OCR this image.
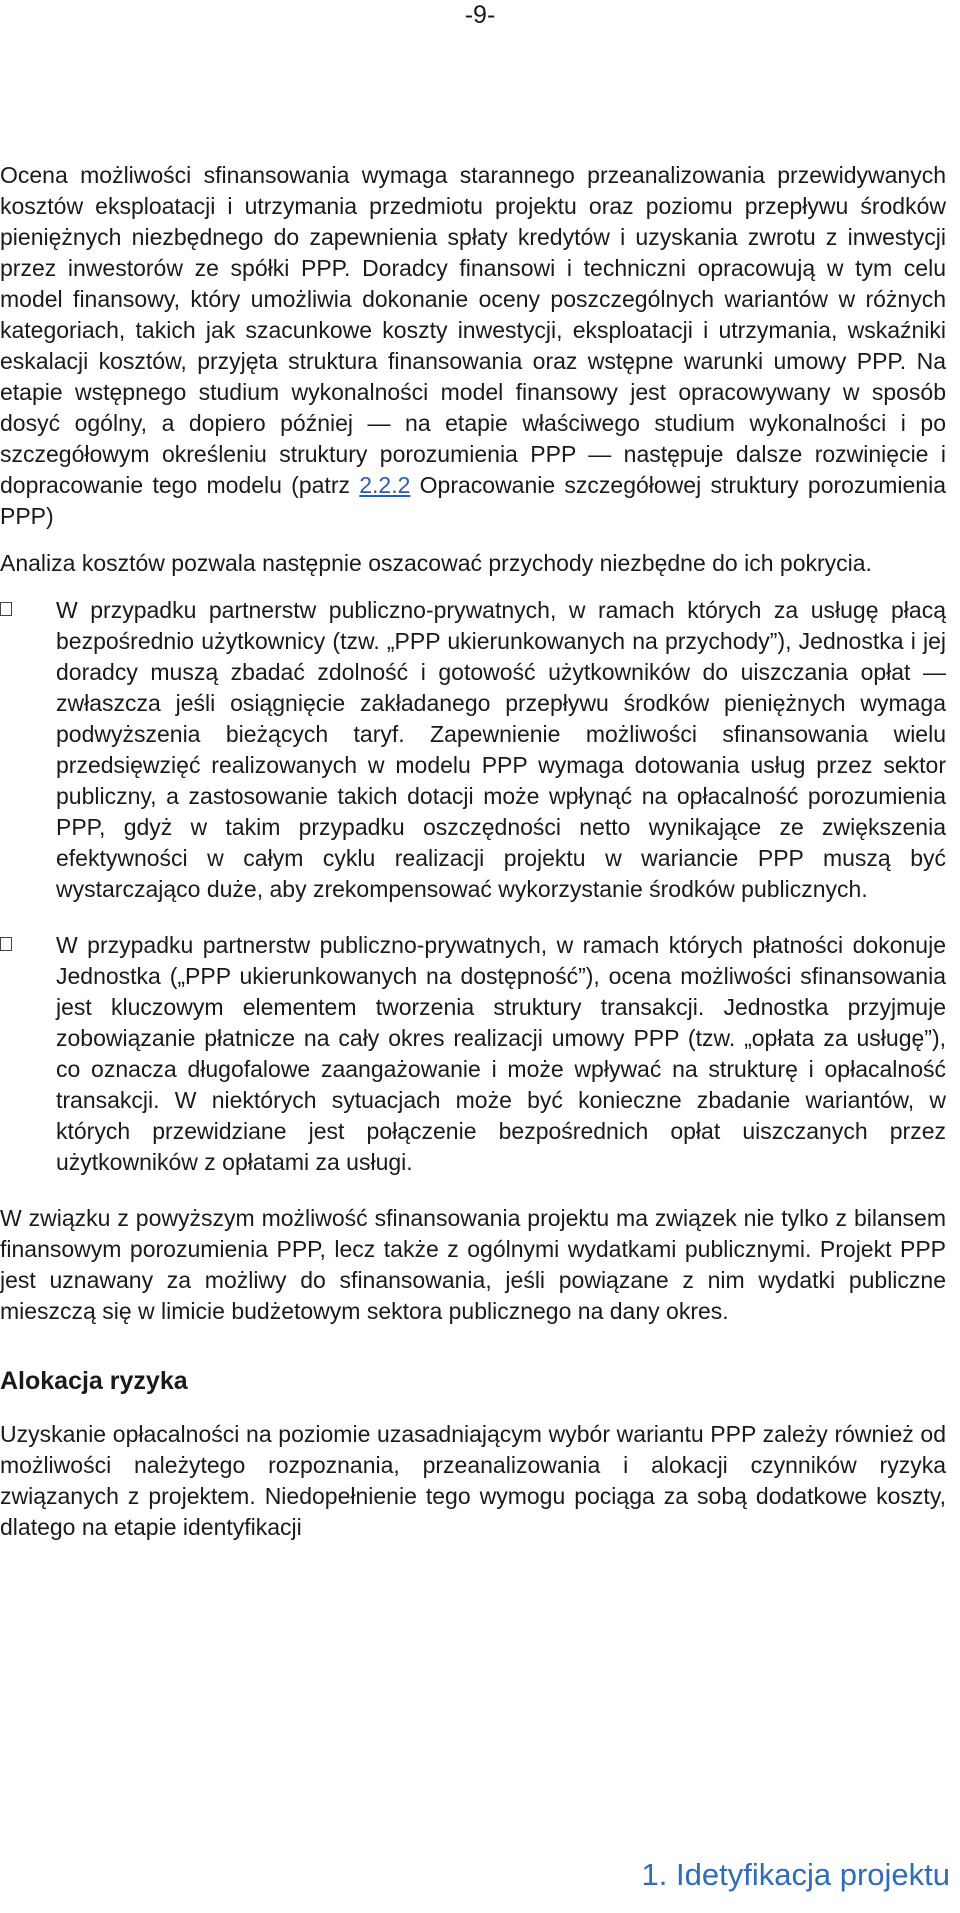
-9-

Ocena możliwości sfinansowania wymaga starannego przeanalizowania przewidywanych kosztów eksploatacji i utrzymania przedmiotu projektu oraz poziomu przepływu środków pieniężnych niezbędnego do zapewnienia spłaty kredytów i uzyskania zwrotu z inwestycji przez inwestorów ze spółki PPP. Doradcy finansowi i techniczni opracowują w tym celu model finansowy, który umożliwia dokonanie oceny poszczególnych wariantów w różnych kategoriach, takich jak szacunkowe koszty inwestycji, eksploatacji i utrzymania, wskaźniki eskalacji kosztów, przyjęta struktura finansowania oraz wstępne warunki umowy PPP. Na etapie wstępnego studium wykonalności model finansowy jest opracowywany w sposób dosyć ogólny, a dopiero później — na etapie właściwego studium wykonalności i po szczegółowym określeniu struktury porozumienia PPP — następuje dalsze rozwinięcie i dopracowanie tego modelu (patrz 2.2.2 Opracowanie szczegółowej struktury porozumienia PPP)

Analiza kosztów pozwala następnie oszacować przychody niezbędne do ich pokrycia.

W przypadku partnerstw publiczno-prywatnych, w ramach których za usługę płacą bezpośrednio użytkownicy (tzw. „PPP ukierunkowanych na przychody”), Jednostka i jej doradcy muszą zbadać zdolność i gotowość użytkowników do uiszczania opłat — zwłaszcza jeśli osiągnięcie zakładanego przepływu środków pieniężnych wymaga podwyższenia bieżących taryf. Zapewnienie możliwości sfinansowania wielu przedsięwzięć realizowanych w modelu PPP wymaga dotowania usług przez sektor publiczny, a zastosowanie takich dotacji może wpłynąć na opłacalność porozumienia PPP, gdyż w takim przypadku oszczędności netto wynikające ze zwiększenia efektywności w całym cyklu realizacji projektu w wariancie PPP muszą być wystarczająco duże, aby zrekompensować wykorzystanie środków publicznych.
W przypadku partnerstw publiczno-prywatnych, w ramach których płatności dokonuje Jednostka („PPP ukierunkowanych na dostępność”), ocena możliwości sfinansowania jest kluczowym elementem tworzenia struktury transakcji. Jednostka przyjmuje zobowiązanie płatnicze na cały okres realizacji umowy PPP (tzw. „opłata za usługę”), co oznacza długofalowe zaangażowanie i może wpływać na strukturę i opłacalność transakcji. W niektórych sytuacjach może być konieczne zbadanie wariantów, w których przewidziane jest połączenie bezpośrednich opłat uiszczanych przez użytkowników z opłatami za usługi.

W związku z powyższym możliwość sfinansowania projektu ma związek nie tylko z bilansem finansowym porozumienia PPP, lecz także z ogólnymi wydatkami publicznymi. Projekt PPP jest uznawany za możliwy do sfinansowania, jeśli powiązane z nim wydatki publiczne mieszczą się w limicie budżetowym sektora publicznego na dany okres.

Alokacja ryzyka

Uzyskanie opłacalności na poziomie uzasadniającym wybór wariantu PPP zależy również od możliwości należytego rozpoznania, przeanalizowania i alokacji czynników ryzyka związanych z projektem. Niedopełnienie tego wymogu pociąga za sobą dodatkowe koszty, dlatego na etapie identyfikacji

1. Idetyfikacja projektu
